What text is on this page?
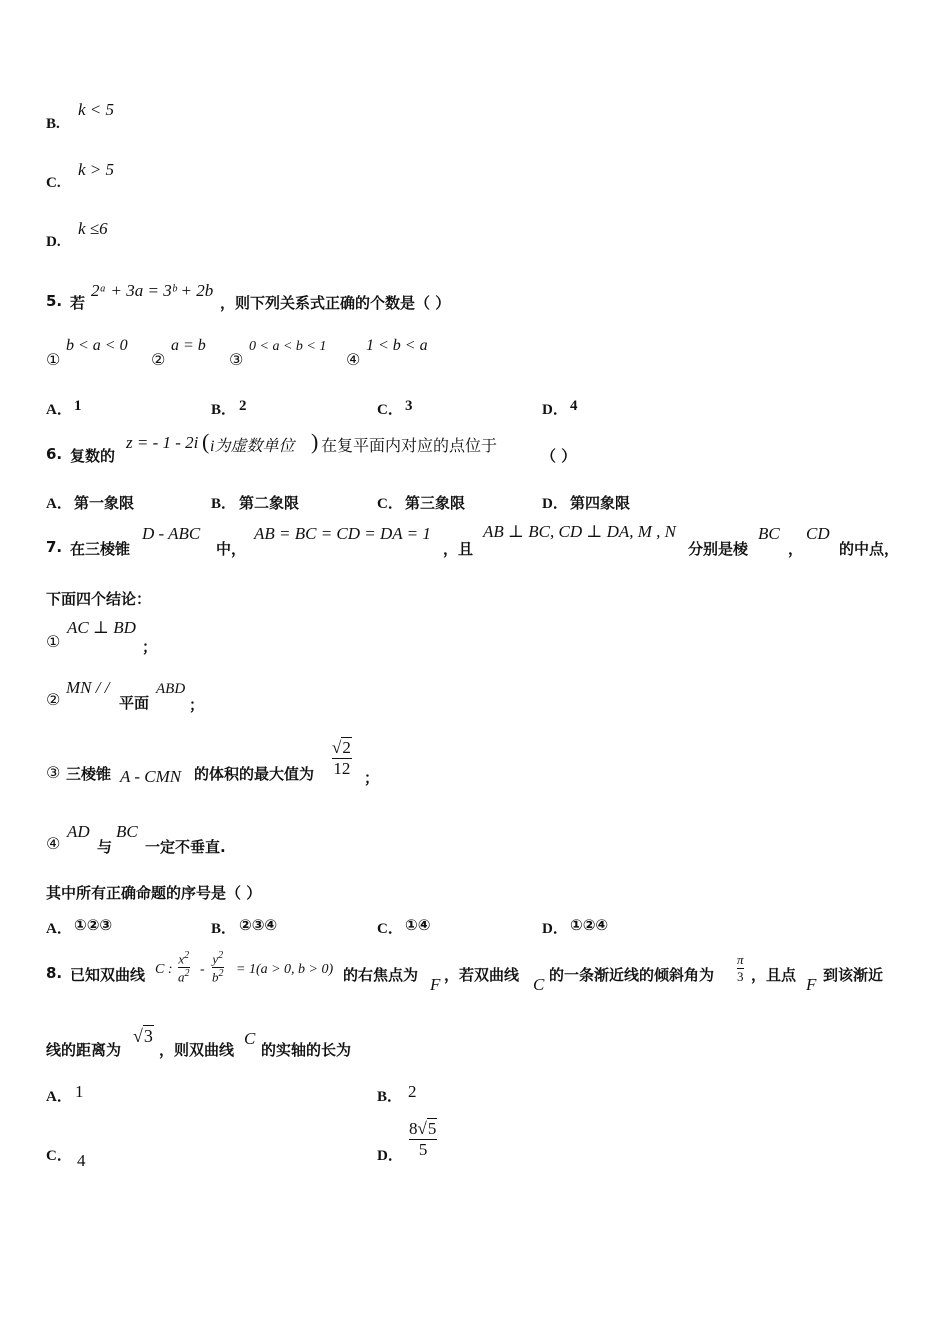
B.
k < 5
C.
k > 5
D.
k ≤6
5. 若
2ᵃ + 3a = 3ᵇ + 2b
，则下列关系式正确的个数是（ ）
①
b < a < 0
②
a = b
③
0 < a < b < 1
④
1 < b < a
A． 1	B． 2	C． 3	D． 4
6. 复数的
z = - 1 - 2i ( i为虚数单位 ) 在复平面内对应的点位于
（ ）
A． 第一象限	B． 第二象限	C． 第三象限	D． 第四象限
7. 在三棱锥
D - ABC
中，
AB = BC = CD = DA = 1
，且
AB ⊥ BC, CD ⊥ DA, M , N
分别是棱
BC
，
CD
的中点，
下面四个结论：
①
AC ⊥ BD
；
②
MN / /
平面
ABD
；
③ 三棱锥 A - CMN 的体积的最大值为
√2
12 ；
④
AD
与
BC
一定不垂直.
其中所有正确命题的序号是（ ）
A． ①②③	B． ②③④	C． ①④	D． ①②④
8. 已知双曲线 C :
$x^2$
$a^2$ -
$y^2$
$b^2 = 1(a > 0$, b > 0) 的右焦点为 F ，若双曲线 C 的一条渐近线的倾斜角为
π
3 ，且点 F 到该渐近
线的距离为
√3
，则双曲线
C
的实轴的长为
A． 1	B． 2
C． 4	D．
8√5
5
